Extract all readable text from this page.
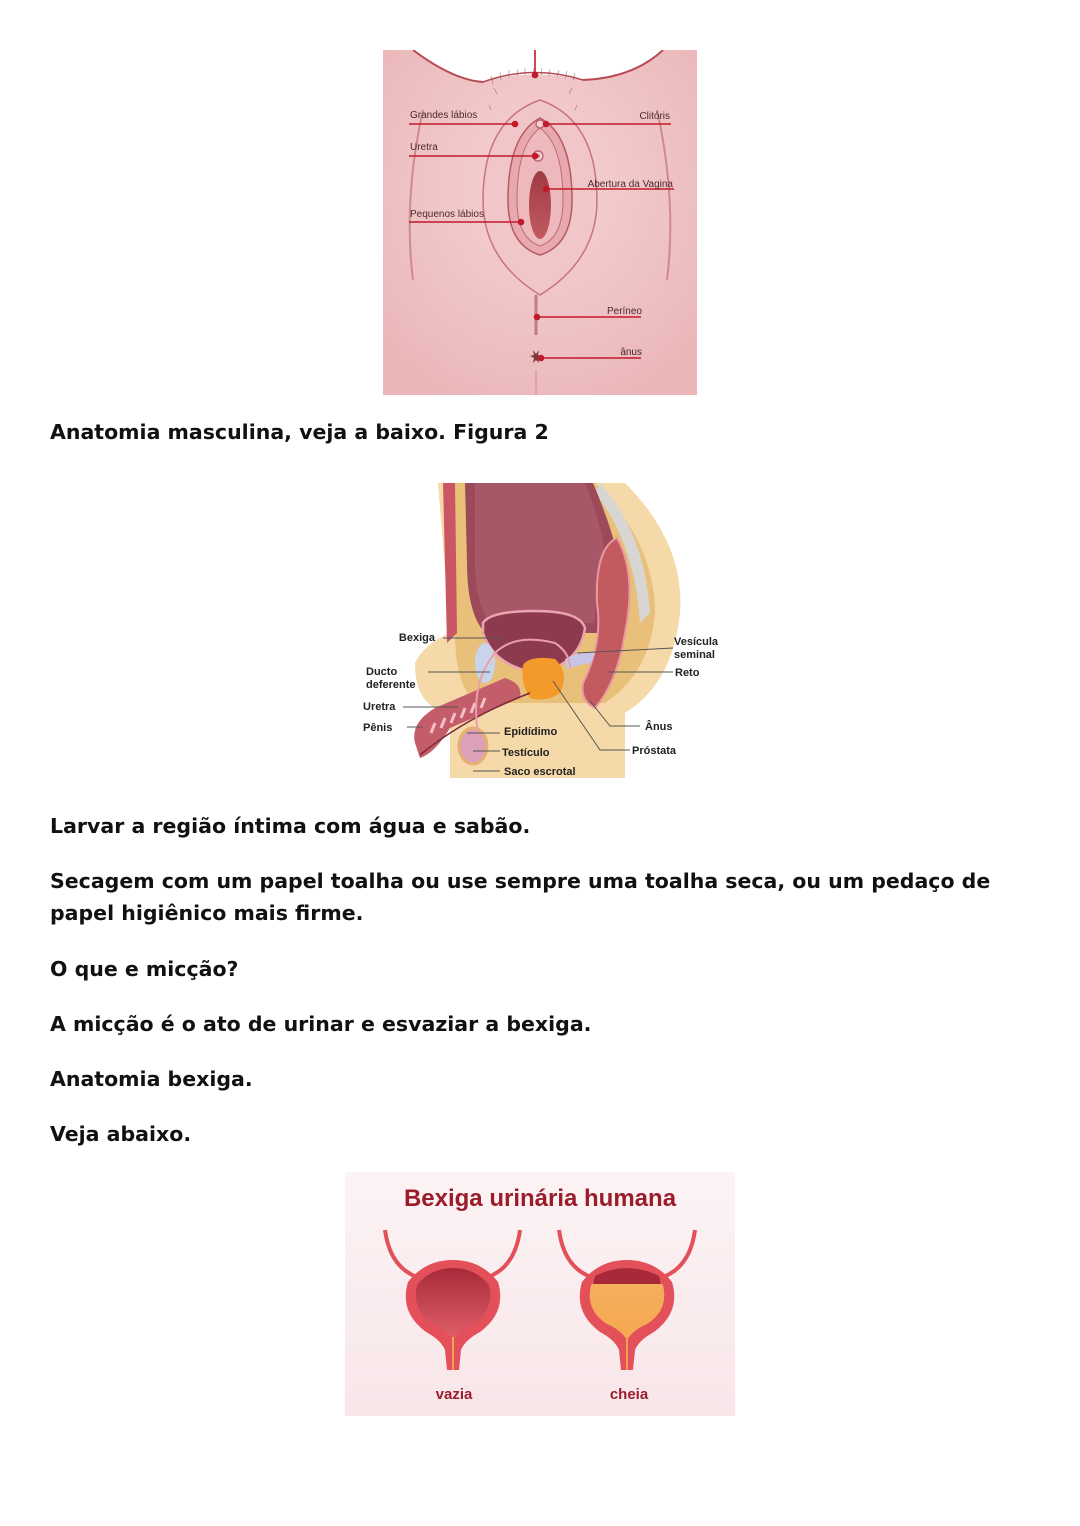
Grandes lábios	Clitóris
Uretra
Abertura da Vagina
Pequenos lábios
Períneo
ânus

Anatomia masculina, veja a baixo. Figura 2

Bexiga
Ducto
deferente
Uretra
Pênis
Vesícula
seminal
Reto
Ânus
Próstata
Epidídimo
Testículo
Saco escrotal

Larvar a região íntima com água e sabão.

Secagem com um papel toalha ou use sempre uma toalha seca, ou um pedaço de papel higiênico mais firme.

O que e micção?

A micção é o ato de urinar e esvaziar a bexiga.

Anatomia bexiga.

Veja abaixo.

Bexiga urinária humana
vazia	cheia
